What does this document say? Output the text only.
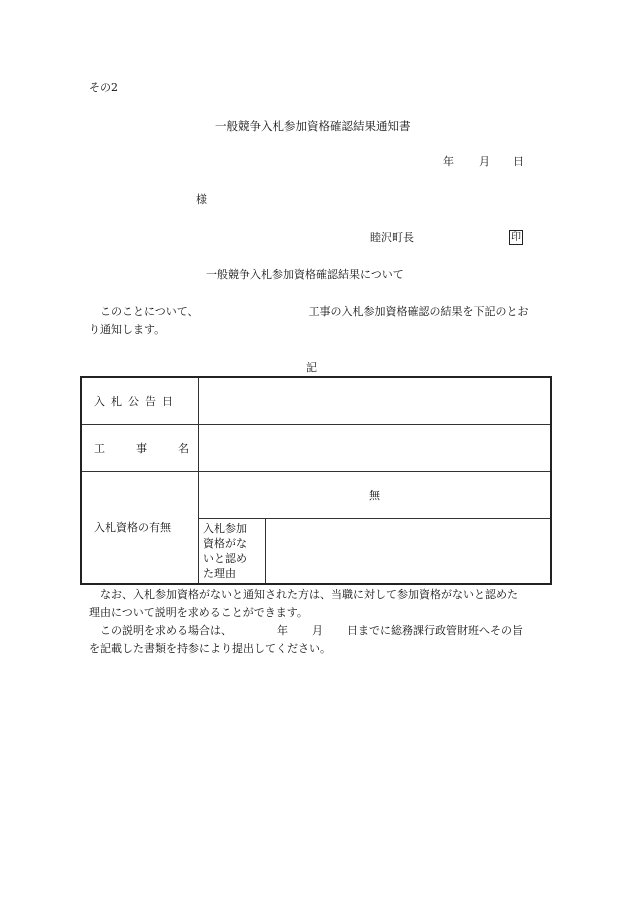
その2
一般競争入札参加資格確認結果通知書
年 月 日
様
睦沢町長	印
一般競争入札参加資格確認結果について
このことについて、	工事の入札参加資格確認の結果を下記のとお
り通知します。
記
入札公告日		
工 事 名		
入札資格の有無	無	

	入札参加
資格がな
いと認め
た理由	

なお、入札参加資格がないと通知された方は、当職に対して参加資格がないと認めた
理由について説明を求めることができます。
この説明を求める場合は、	年 月 日までに総務課行政管財班へその旨
を記載した書類を持参により提出してください。
